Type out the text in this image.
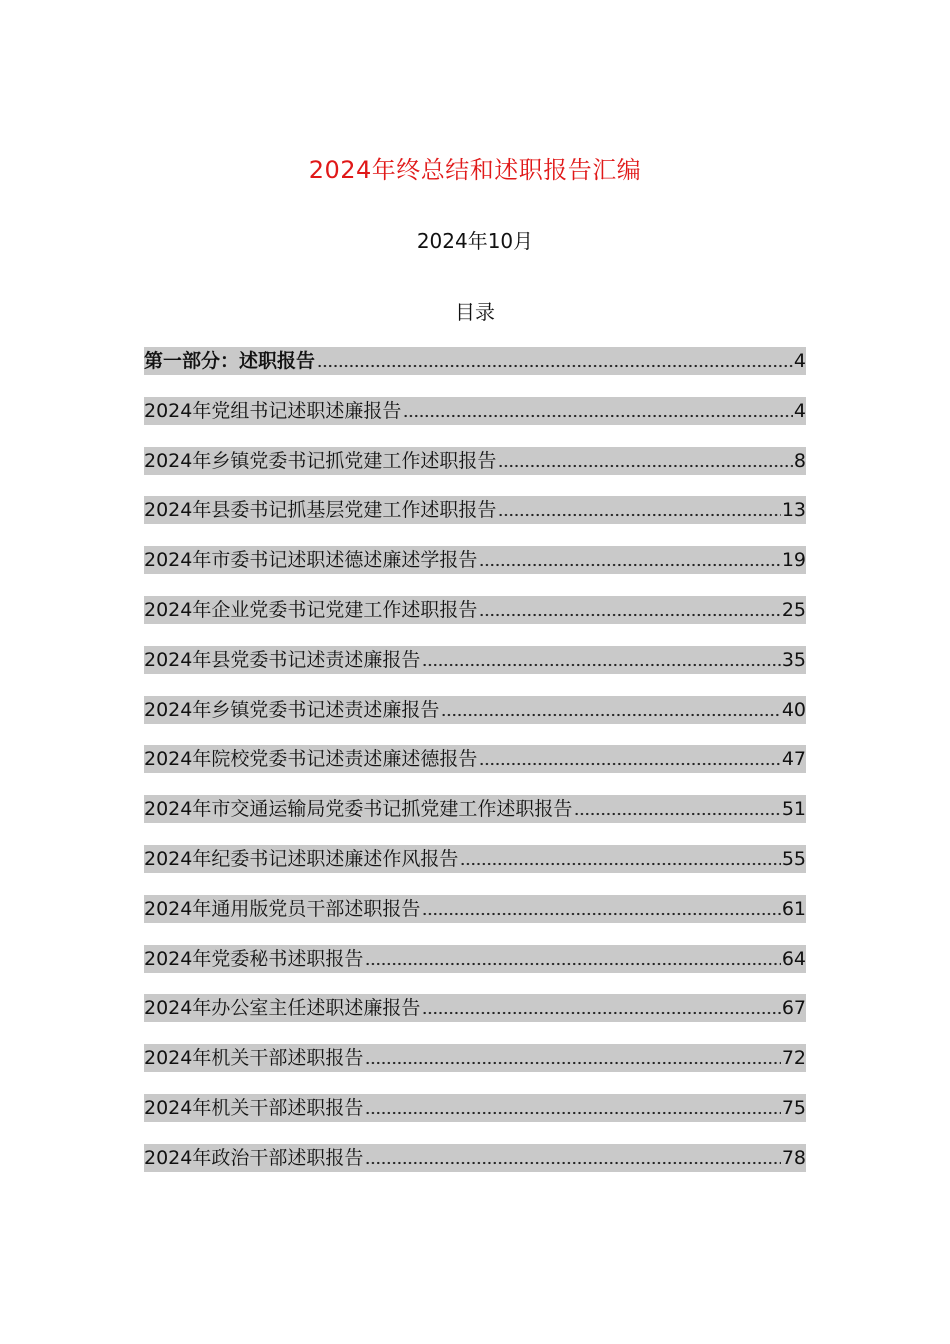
2024年终总结和述职报告汇编
2024年10月
目录
第一部分：述职报告	4
2024年党组书记述职述廉报告	4
2024年乡镇党委书记抓党建工作述职报告	8
2024年县委书记抓基层党建工作述职报告	13
2024年市委书记述职述德述廉述学报告	19
2024年企业党委书记党建工作述职报告	25
2024年县党委书记述责述廉报告	35
2024年乡镇党委书记述责述廉报告	40
2024年院校党委书记述责述廉述德报告	47
2024年市交通运输局党委书记抓党建工作述职报告	51
2024年纪委书记述职述廉述作风报告	55
2024年通用版党员干部述职报告	61
2024年党委秘书述职报告	64
2024年办公室主任述职述廉报告	67
2024年机关干部述职报告	72
2024年机关干部述职报告	75
2024年政治干部述职报告	78
